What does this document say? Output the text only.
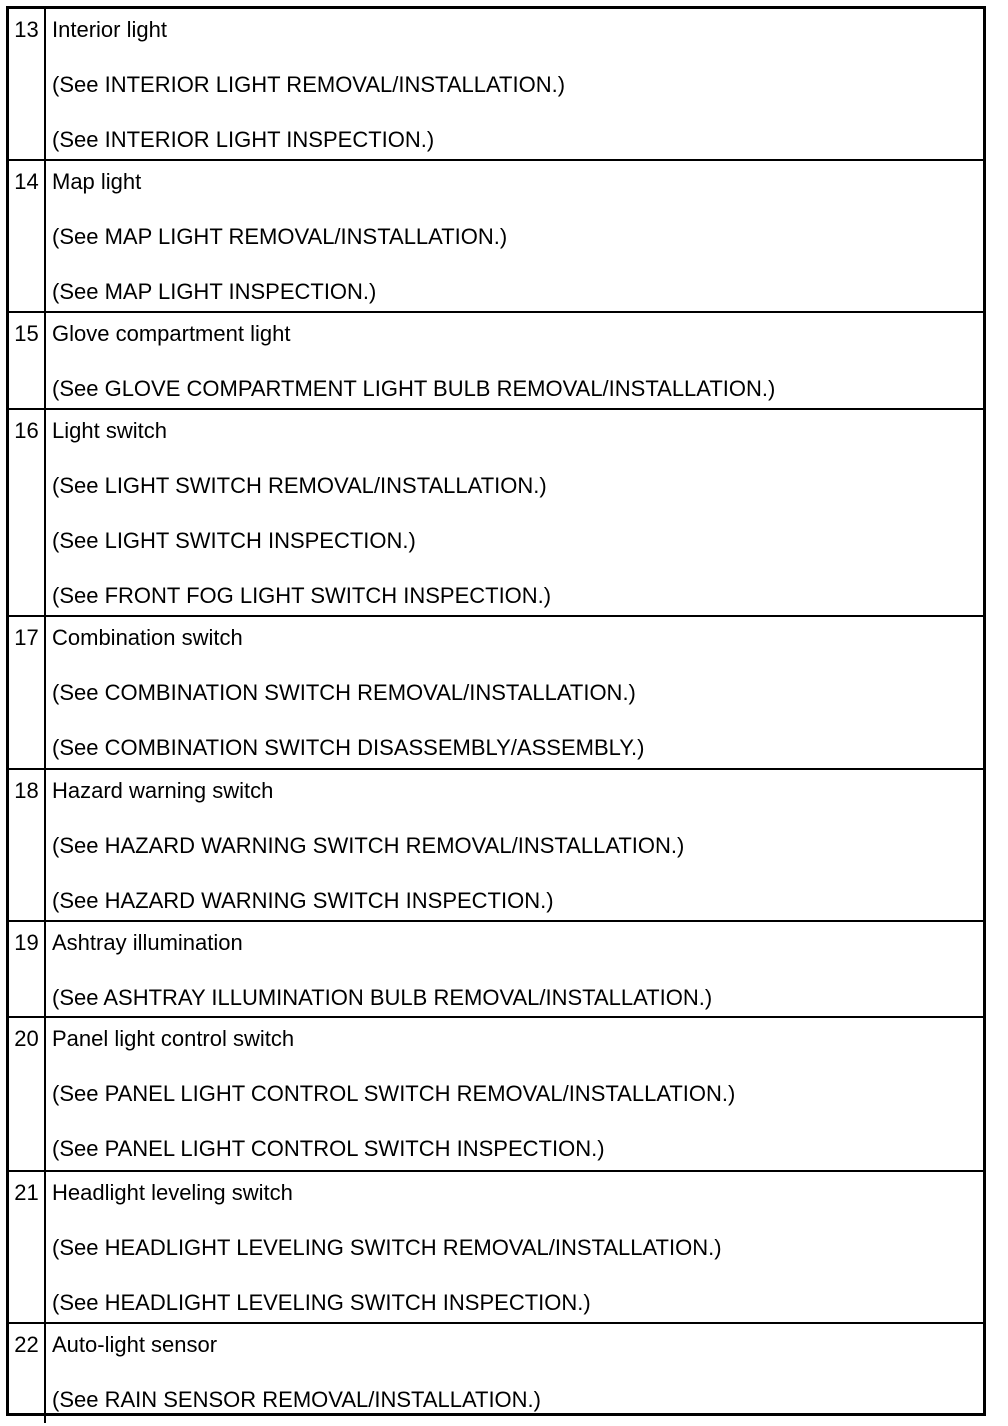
13 Interior light
(See INTERIOR LIGHT REMOVAL/INSTALLATION.)
(See INTERIOR LIGHT INSPECTION.)
14 Map light
(See MAP LIGHT REMOVAL/INSTALLATION.)
(See MAP LIGHT INSPECTION.)
15 Glove compartment light
(See GLOVE COMPARTMENT LIGHT BULB REMOVAL/INSTALLATION.)
16 Light switch
(See LIGHT SWITCH REMOVAL/INSTALLATION.)
(See LIGHT SWITCH INSPECTION.)
(See FRONT FOG LIGHT SWITCH INSPECTION.)
17 Combination switch
(See COMBINATION SWITCH REMOVAL/INSTALLATION.)
(See COMBINATION SWITCH DISASSEMBLY/ASSEMBLY.)
18 Hazard warning switch
(See HAZARD WARNING SWITCH REMOVAL/INSTALLATION.)
(See HAZARD WARNING SWITCH INSPECTION.)
19 Ashtray illumination
(See ASHTRAY ILLUMINATION BULB REMOVAL/INSTALLATION.)
20 Panel light control switch
(See PANEL LIGHT CONTROL SWITCH REMOVAL/INSTALLATION.)
(See PANEL LIGHT CONTROL SWITCH INSPECTION.)
21 Headlight leveling switch
(See HEADLIGHT LEVELING SWITCH REMOVAL/INSTALLATION.)
(See HEADLIGHT LEVELING SWITCH INSPECTION.)
22 Auto-light sensor
(See RAIN SENSOR REMOVAL/INSTALLATION.)
